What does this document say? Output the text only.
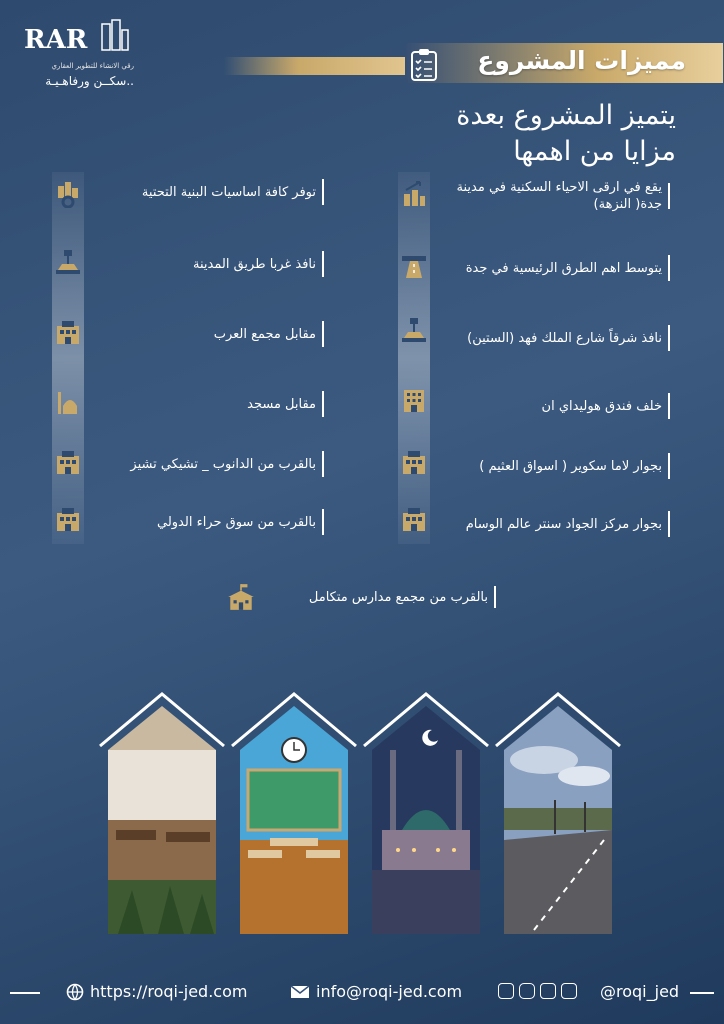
RAR
رقي الانشاء للتطوير العقاري
سكــن ورفاهـيـة..
مميزات المشروع
يتميز المشروع بعدة
مزايا من اهمها
يقع في ارقى الاحياء السكنية في مدينة جدة( النزهة)
يتوسط اهم الطرق الرئيسية في جدة
نافذ شرقاً شارع الملك فهد (الستين)
خلف فندق هوليداي ان
بجوار لاما سكوير ( اسواق العثيم )
بجوار مركز الجواد سنتر عالم الوسام
توفر كافة اساسيات البنية التحتية
نافذ غربا طريق المدينة
مقابل مجمع العرب
مقابل مسجد
بالقرب من الدانوب _ تشيكي تشيز
بالقرب من سوق حراء الدولي
بالقرب من مجمع مدارس متكامل
https://roqi-jed.com	info@roqi-jed.com	@roqi_jed
